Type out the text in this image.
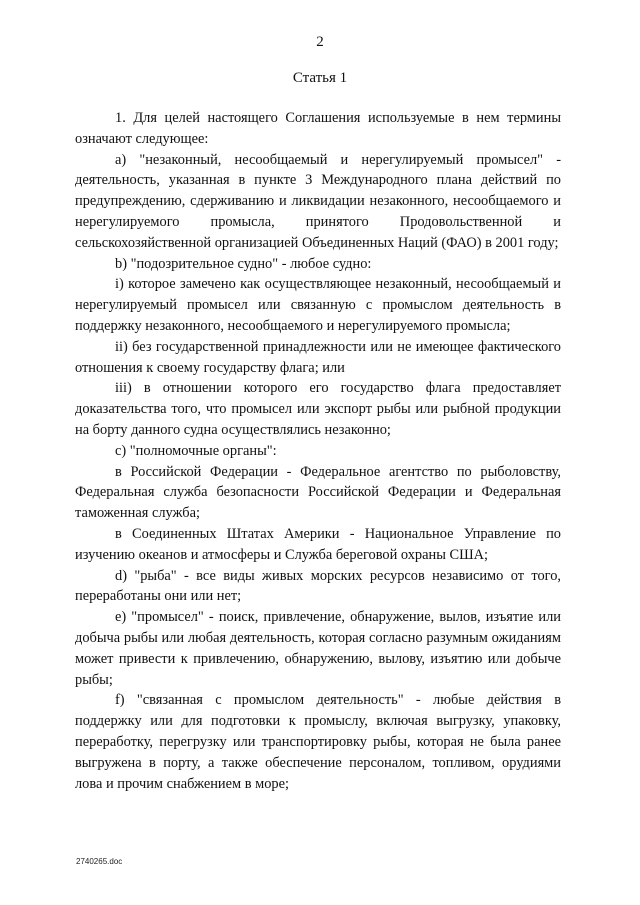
2
Статья 1

1. Для целей настоящего Соглашения используемые в нем термины означают следующее:

a) "незаконный, несообщаемый и нерегулируемый промысел" - деятельность, указанная в пункте 3 Международного плана действий по предупреждению, сдерживанию и ликвидации незаконного, несообщаемого и нерегулируемого промысла, принятого Продовольственной и сельскохозяйственной организацией Объединенных Наций (ФАО) в 2001 году;

b) "подозрительное судно" - любое судно:

i) которое замечено как осуществляющее незаконный, несообщаемый и нерегулируемый промысел или связанную с промыслом деятельность в поддержку незаконного, несообщаемого и нерегулируемого промысла;

ii) без государственной принадлежности или не имеющее фактического отношения к своему государству флага; или

iii) в отношении которого его государство флага предоставляет доказательства того, что промысел или экспорт рыбы или рыбной продукции на борту данного судна осуществлялись незаконно;

c) "полномочные органы":

в Российской Федерации - Федеральное агентство по рыболовству, Федеральная служба безопасности Российской Федерации и Федеральная таможенная служба;

в Соединенных Штатах Америки - Национальное Управление по изучению океанов и атмосферы и Служба береговой охраны США;

d) "рыба" - все виды живых морских ресурсов независимо от того, переработаны они или нет;

e) "промысел" - поиск, привлечение, обнаружение, вылов, изъятие или добыча рыбы или любая деятельность, которая согласно разумным ожиданиям может привести к привлечению, обнаружению, вылову, изъятию или добыче рыбы;

f) "связанная с промыслом деятельность" - любые действия в поддержку или для подготовки к промыслу, включая выгрузку, упаковку, переработку, перегрузку или транспортировку рыбы, которая не была ранее выгружена в порту, а также обеспечение персоналом, топливом, орудиями лова и прочим снабжением в море;

2740265.doc
